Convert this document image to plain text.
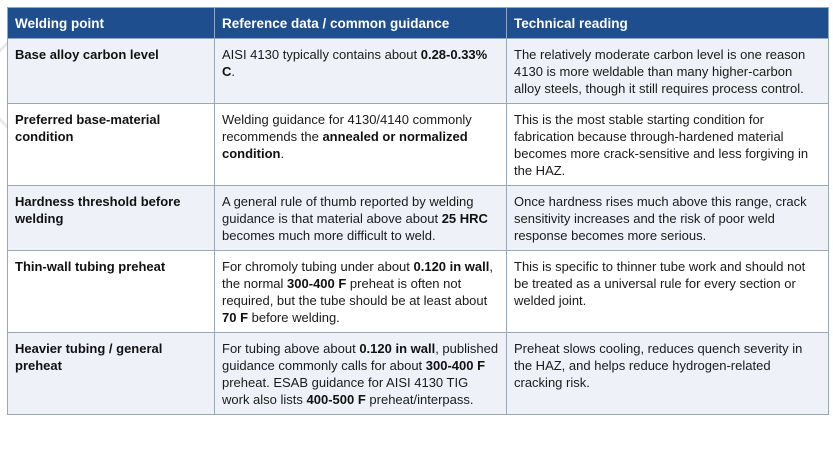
Welding point	Reference data / common guidance	Technical reading
Base alloy carbon level	AISI 4130 typically contains about 0.28-0.33% C.	The relatively moderate carbon level is one reason 4130 is more weldable than many higher-carbon alloy steels, though it still requires process control.
Preferred base-material condition	Welding guidance for 4130/4140 commonly recommends the annealed or normalized condition.	This is the most stable starting condition for fabrication because through-hardened material becomes more crack-sensitive and less forgiving in the HAZ.
Hardness threshold before welding	A general rule of thumb reported by welding guidance is that material above about 25 HRC becomes much more difficult to weld.	Once hardness rises much above this range, crack sensitivity increases and the risk of poor weld response becomes more serious.
Thin-wall tubing preheat	For chromoly tubing under about 0.120 in wall, the normal 300-400 F preheat is often not required, but the tube should be at least about 70 F before welding.	This is specific to thinner tube work and should not be treated as a universal rule for every section or welded joint.
Heavier tubing / general preheat	For tubing above about 0.120 in wall, published guidance commonly calls for about 300-400 F preheat. ESAB guidance for AISI 4130 TIG work also lists 400-500 F preheat/interpass.	Preheat slows cooling, reduces quench severity in the HAZ, and helps reduce hydrogen-related cracking risk.
